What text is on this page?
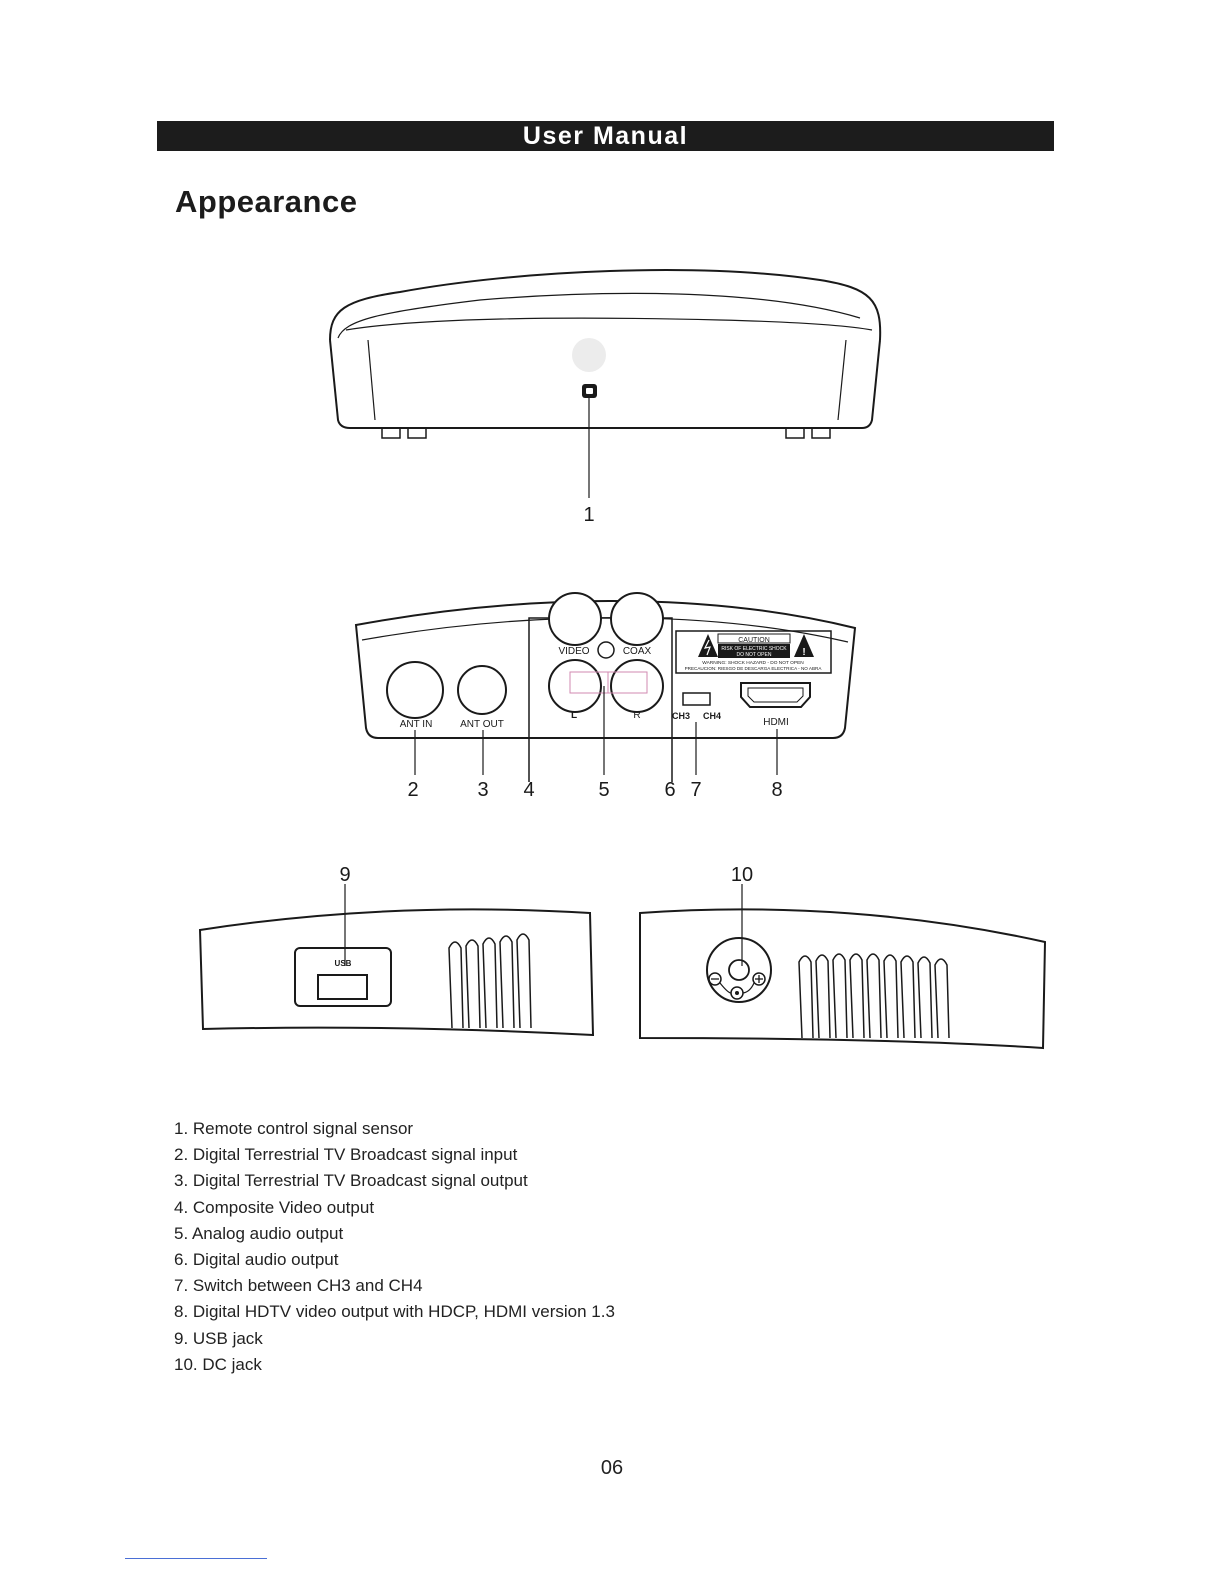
User Manual
Appearance
1
ANT IN	ANT OUT
VIDEO	COAX
L	R
CAUTION
RISK OF ELECTRIC SHOCK
DO NOT OPEN	!
WARNING: SHOCK HAZARD - DO NOT OPEN
PRECAUCION: RIESGO DE DESCARGA ELECTRICA - NO ABRA
CH3 CH4
HDMI
2	3 4	5	6 7	8
USB
9	10
1. Remote control signal sensor
2. Digital Terrestrial TV Broadcast signal input
3. Digital Terrestrial TV Broadcast signal output
4. Composite Video output
5. Analog audio output
6. Digital audio output
7. Switch between CH3 and CH4
8. Digital HDTV video output with HDCP, HDMI version 1.3
9. USB jack
10. DC jack
06
